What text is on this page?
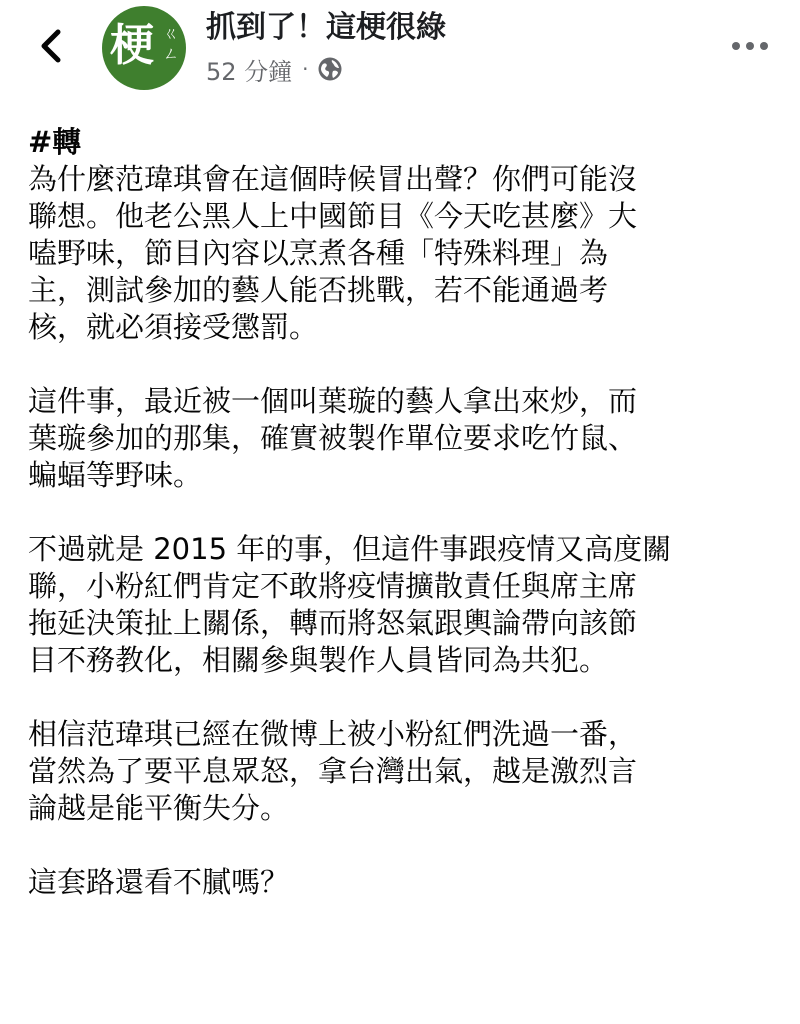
梗 ㄍㄥ
抓到了！這梗很綠
52 分鐘 ·
#轉

為什麼范瑋琪會在這個時候冒出聲？你們可能沒
聯想。他老公黑人上中國節目《今天吃甚麼》大
嗑野味，節目內容以烹煮各種「特殊料理」為
主，測試參加的藝人能否挑戰，若不能通過考
核，就必須接受懲罰。

這件事，最近被一個叫葉璇的藝人拿出來炒，而
葉璇參加的那集，確實被製作單位要求吃竹鼠、
蝙蝠等野味。

不過就是 2015 年的事，但這件事跟疫情又高度關
聯，小粉紅們肯定不敢將疫情擴散責任與席主席
拖延決策扯上關係，轉而將怒氣跟輿論帶向該節
目不務教化，相關參與製作人員皆同為共犯。

相信范瑋琪已經在微博上被小粉紅們洗過一番，
當然為了要平息眾怒，拿台灣出氣，越是激烈言
論越是能平衡失分。

這套路還看不膩嗎？
